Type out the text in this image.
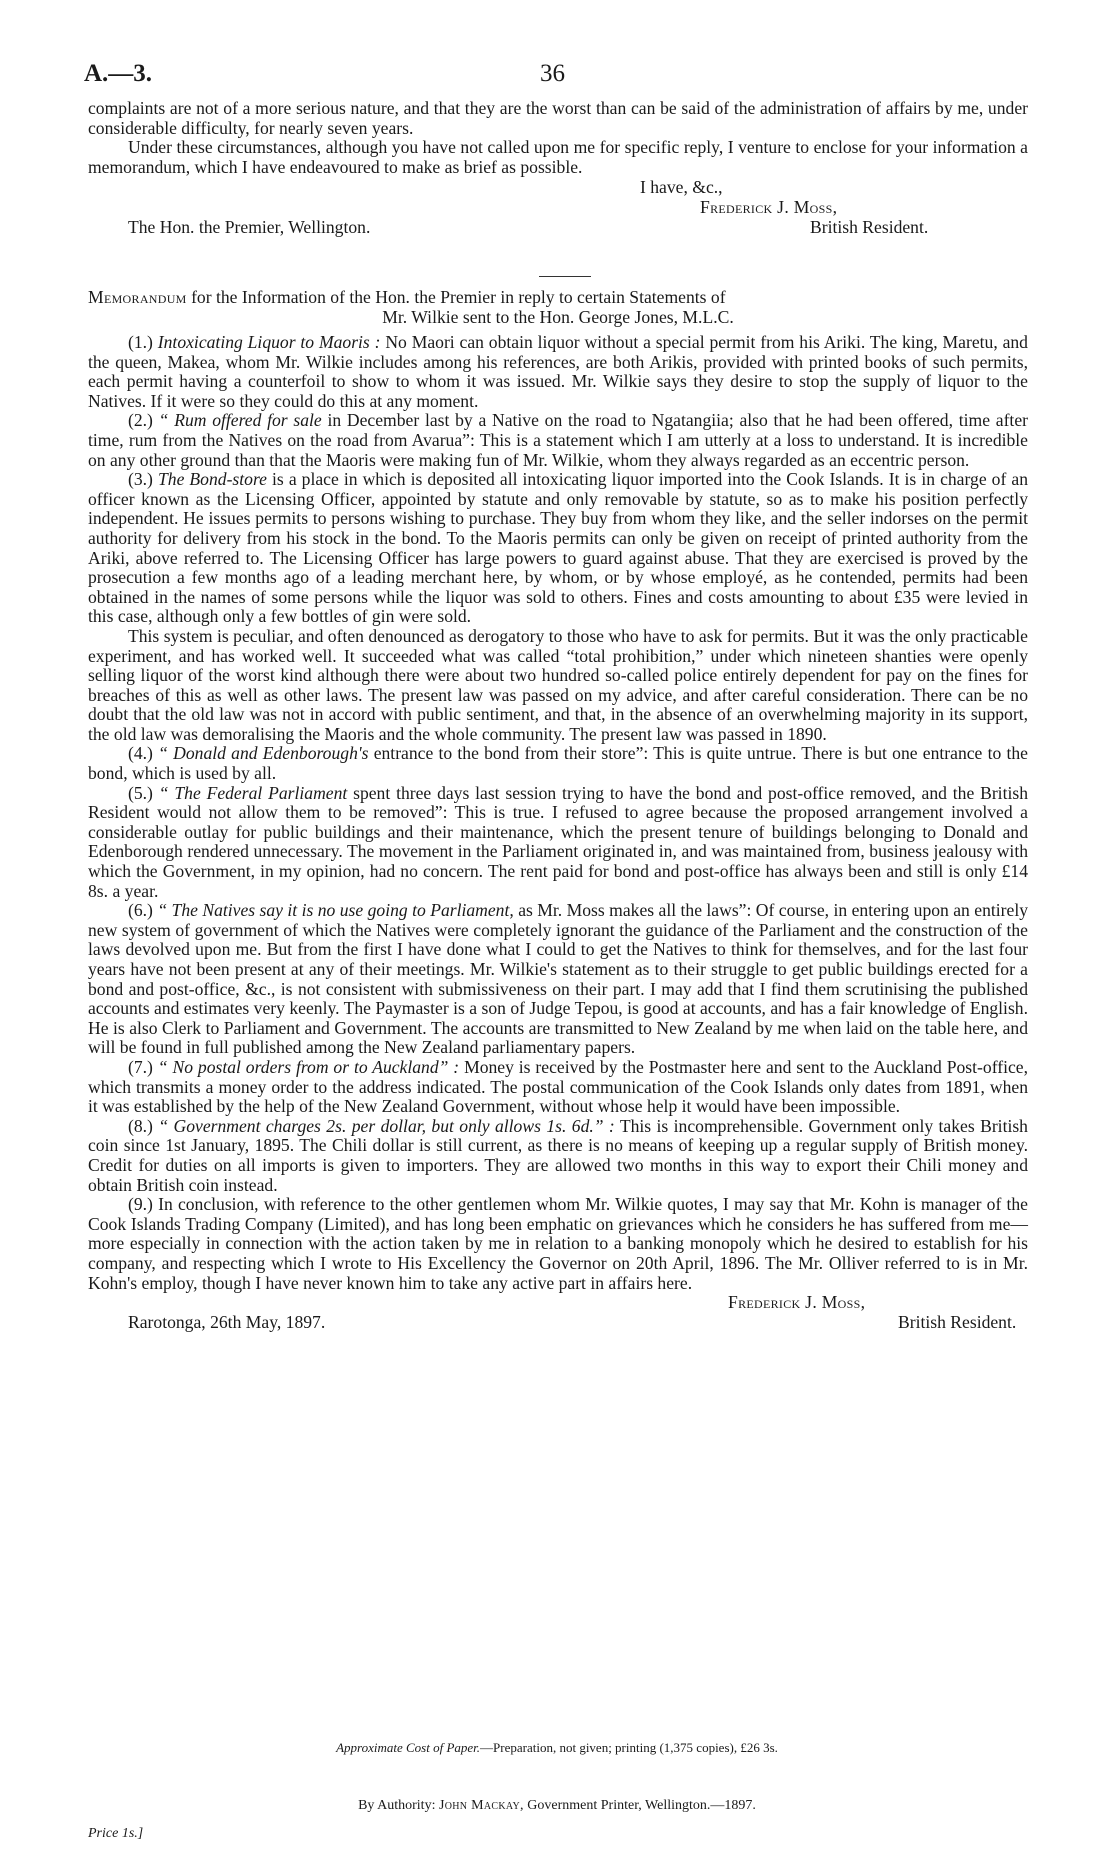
A.—3.	36

complaints are not of a more serious nature, and that they are the worst than can be said of the administration of affairs by me, under considerable difficulty, for nearly seven years.

Under these circumstances, although you have not called upon me for specific reply, I venture to enclose for your information a memorandum, which I have endeavoured to make as brief as possible.

I have, &c.,
Frederick J. Moss,
The Hon. the Premier, Wellington.	British Resident.

Memorandum for the Information of the Hon. the Premier in reply to certain Statements of

Mr. Wilkie sent to the Hon. George Jones, M.L.C.

(1.) Intoxicating Liquor to Maoris : No Maori can obtain liquor without a special permit from his Ariki. The king, Maretu, and the queen, Makea, whom Mr. Wilkie includes among his references, are both Arikis, provided with printed books of such permits, each permit having a counterfoil to show to whom it was issued. Mr. Wilkie says they desire to stop the supply of liquor to the Natives. If it were so they could do this at any moment.

(2.) “ Rum offered for sale in December last by a Native on the road to Ngatangiia; also that he had been offered, time after time, rum from the Natives on the road from Avarua”: This is a statement which I am utterly at a loss to understand. It is incredible on any other ground than that the Maoris were making fun of Mr. Wilkie, whom they always regarded as an eccentric person.

(3.) The Bond-store is a place in which is deposited all intoxicating liquor imported into the Cook Islands. It is in charge of an officer known as the Licensing Officer, appointed by statute and only removable by statute, so as to make his position perfectly independent. He issues permits to persons wishing to purchase. They buy from whom they like, and the seller indorses on the permit authority for delivery from his stock in the bond. To the Maoris permits can only be given on receipt of printed authority from the Ariki, above referred to. The Licensing Officer has large powers to guard against abuse. That they are exercised is proved by the prosecution a few months ago of a leading merchant here, by whom, or by whose employé, as he contended, permits had been obtained in the names of some persons while the liquor was sold to others. Fines and costs amounting to about £35 were levied in this case, although only a few bottles of gin were sold.

This system is peculiar, and often denounced as derogatory to those who have to ask for permits. But it was the only practicable experiment, and has worked well. It succeeded what was called “total prohibition,” under which nineteen shanties were openly selling liquor of the worst kind although there were about two hundred so-called police entirely dependent for pay on the fines for breaches of this as well as other laws. The present law was passed on my advice, and after careful consideration. There can be no doubt that the old law was not in accord with public sentiment, and that, in the absence of an overwhelming majority in its support, the old law was demoralising the Maoris and the whole community. The present law was passed in 1890.

(4.) “ Donald and Edenborough's entrance to the bond from their store”: This is quite untrue. There is but one entrance to the bond, which is used by all.

(5.) “ The Federal Parliament spent three days last session trying to have the bond and post-office removed, and the British Resident would not allow them to be removed”: This is true. I refused to agree because the proposed arrangement involved a considerable outlay for public buildings and their maintenance, which the present tenure of buildings belonging to Donald and Edenborough rendered unnecessary. The movement in the Parliament originated in, and was maintained from, business jealousy with which the Government, in my opinion, had no concern. The rent paid for bond and post-office has always been and still is only £14 8s. a year.

(6.) “ The Natives say it is no use going to Parliament, as Mr. Moss makes all the laws”: Of course, in entering upon an entirely new system of government of which the Natives were completely ignorant the guidance of the Parliament and the construction of the laws devolved upon me. But from the first I have done what I could to get the Natives to think for themselves, and for the last four years have not been present at any of their meetings. Mr. Wilkie's statement as to their struggle to get public buildings erected for a bond and post-office, &c., is not consistent with submissiveness on their part. I may add that I find them scrutinising the published accounts and estimates very keenly. The Paymaster is a son of Judge Tepou, is good at accounts, and has a fair knowledge of English. He is also Clerk to Parliament and Government. The accounts are transmitted to New Zealand by me when laid on the table here, and will be found in full published among the New Zealand parliamentary papers.

(7.) “ No postal orders from or to Auckland” : Money is received by the Postmaster here and sent to the Auckland Post-office, which transmits a money order to the address indicated. The postal communication of the Cook Islands only dates from 1891, when it was established by the help of the New Zealand Government, without whose help it would have been impossible.

(8.) “ Government charges 2s. per dollar, but only allows 1s. 6d.” : This is incomprehensible. Government only takes British coin since 1st January, 1895. The Chili dollar is still current, as there is no means of keeping up a regular supply of British money. Credit for duties on all imports is given to importers. They are allowed two months in this way to export their Chili money and obtain British coin instead.

(9.) In conclusion, with reference to the other gentlemen whom Mr. Wilkie quotes, I may say that Mr. Kohn is manager of the Cook Islands Trading Company (Limited), and has long been emphatic on grievances which he considers he has suffered from me—more especially in connection with the action taken by me in relation to a banking monopoly which he desired to establish for his company, and respecting which I wrote to His Excellency the Governor on 20th April, 1896. The Mr. Olliver referred to is in Mr. Kohn's employ, though I have never known him to take any active part in affairs here.

Frederick J. Moss,
Rarotonga, 26th May, 1897.	British Resident.
Approximate Cost of Paper.—Preparation, not given; printing (1,375 copies), £26 3s.
By Authority: John Mackay, Government Printer, Wellington.—1897.
Price 1s.]
